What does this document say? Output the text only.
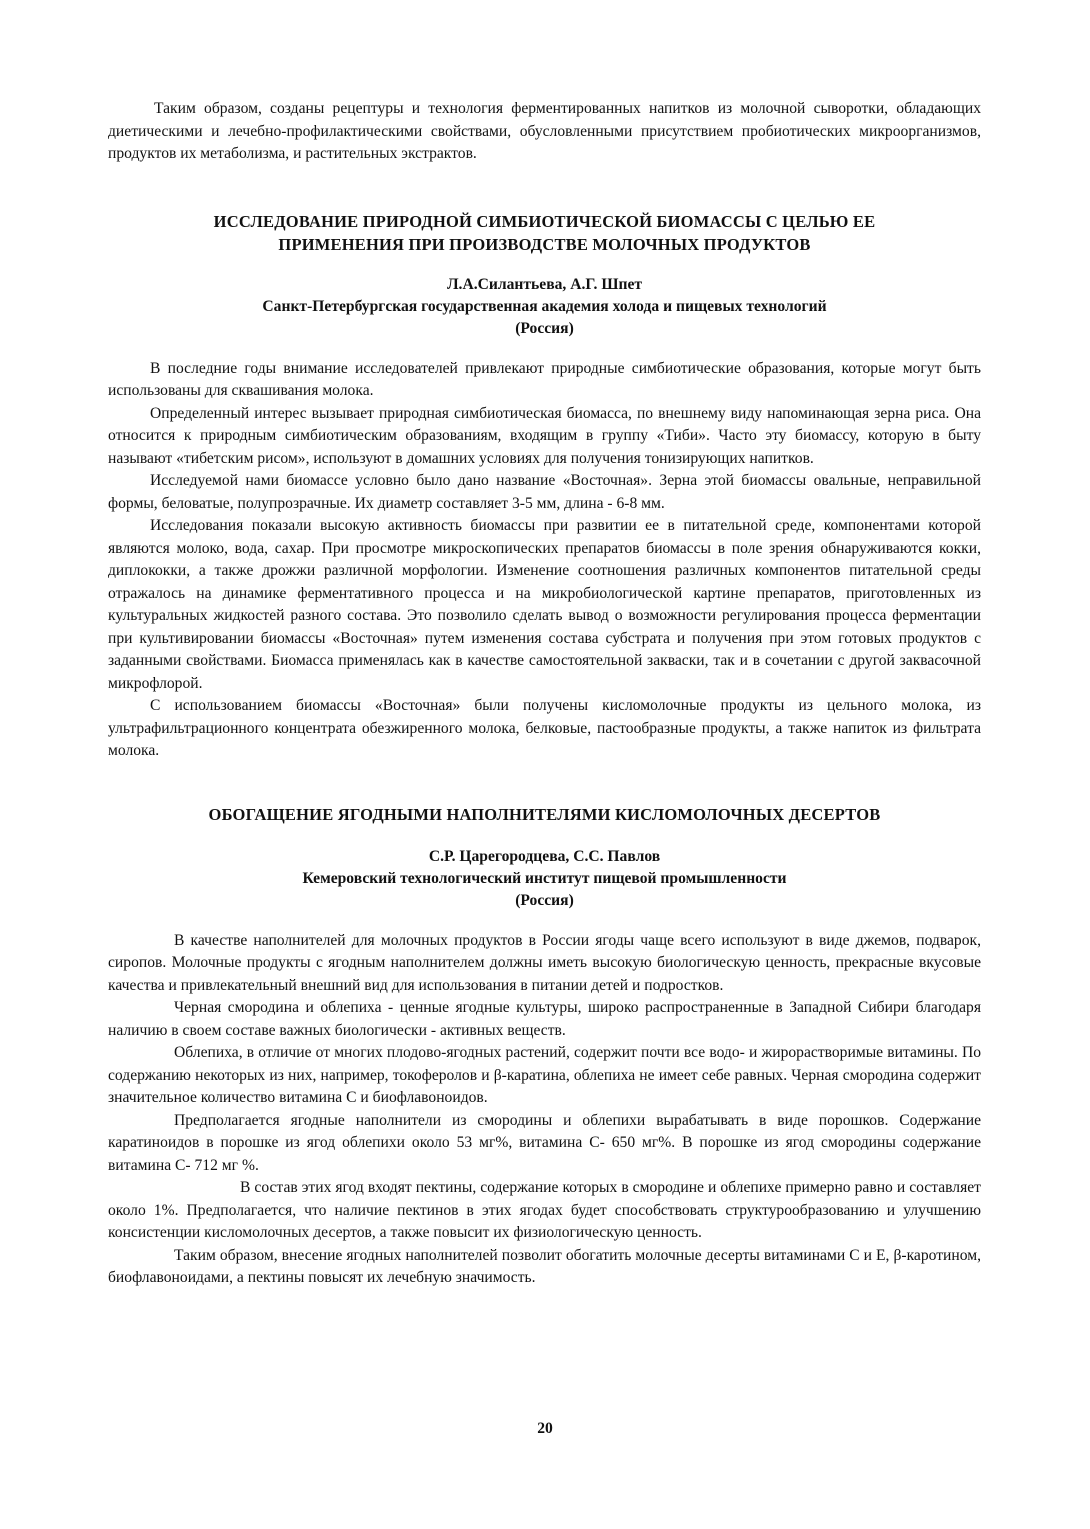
Таким образом, созданы рецептуры и технология ферментированных напитков из молочной сыворотки, обладающих диетическими и лечебно-профилактическими свойствами, обусловленными присутствием пробиотических микроорганизмов, продуктов их метаболизма, и растительных экстрактов.

ИССЛЕДОВАНИЕ ПРИРОДНОЙ СИМБИОТИЧЕСКОЙ БИОМАССЫ С ЦЕЛЬЮ ЕЕ
ПРИМЕНЕНИЯ ПРИ ПРОИЗВОДСТВЕ МОЛОЧНЫХ ПРОДУКТОВ
Л.А.Силантьева, А.Г. Шпет
Санкт-Петербургская государственная академия холода и пищевых технологий
(Россия)

В последние годы внимание исследователей привлекают природные симбиотические образования, которые могут быть использованы для сквашивания молока.

Определенный интерес вызывает природная симбиотическая биомасса, по внешнему виду напоминающая зерна риса. Она относится к природным симбиотическим образованиям, входящим в группу «Тиби». Часто эту биомассу, которую в быту называют «тибетским рисом», используют в домашних условиях для получения тонизирующих напитков.

Исследуемой нами биомассе условно было дано название «Восточная». Зерна этой биомассы овальные, неправильной формы, беловатые, полупрозрачные. Их диаметр составляет 3-5 мм, длина - 6-8 мм.

Исследования показали высокую активность биомассы при развитии ее в питательной среде, компонентами которой являются молоко, вода, сахар. При просмотре микроскопических препаратов биомассы в поле зрения обнаруживаются кокки, диплококки, а также дрожжи различной морфологии. Изменение соотношения различных компонентов питательной среды отражалось на динамике ферментативного процесса и на микробиологической картине препаратов, приготовленных из культуральных жидкостей разного состава. Это позволило сделать вывод о возможности регулирования процесса ферментации при культивировании биомассы «Восточная» путем изменения состава субстрата и получения при этом готовых продуктов с заданными свойствами. Биомасса применялась как в качестве самостоятельной закваски, так и в сочетании с другой заквасочной микрофлорой.

С использованием биомассы «Восточная» были получены кисломолочные продукты из цельного молока, из ультрафильтрационного концентрата обезжиренного молока, белковые, пастообразные продукты, а также напиток из фильтрата молока.

ОБОГАЩЕНИЕ ЯГОДНЫМИ НАПОЛНИТЕЛЯМИ КИСЛОМОЛОЧНЫХ ДЕСЕРТОВ
С.Р. Царегородцева, С.С. Павлов
Кемеровский технологический институт пищевой промышленности
(Россия)

В качестве наполнителей для молочных продуктов в России ягоды чаще всего используют в виде джемов, подварок, сиропов. Молочные продукты с ягодным наполнителем должны иметь высокую биологическую ценность, прекрасные вкусовые качества и привлекательный внешний вид для использования в питании детей и подростков.

Черная смородина и облепиха - ценные ягодные культуры, широко распространенные в Западной Сибири благодаря наличию в своем составе важных биологически - активных веществ.

Облепиха, в отличие от многих плодово-ягодных растений, содержит почти все водо- и жирорастворимые витамины. По содержанию некоторых из них, например, токоферолов и β-каратина, облепиха не имеет себе равных. Черная смородина содержит значительное количество витамина С и биофлавоноидов.

Предполагается ягодные наполнители из смородины и облепихи вырабатывать в виде порошков. Содержание каратиноидов в порошке из ягод облепихи около 53 мг%, витамина С- 650 мг%. В порошке из ягод смородины содержание витамина С- 712 мг %.

В состав этих ягод входят пектины, содержание которых в смородине и облепихе примерно равно и составляет около 1%. Предполагается, что наличие пектинов в этих ягодах будет способствовать структурообразованию и улучшению консистенции кисломолочных десертов, а также повысит их физиологическую ценность.

Таким образом, внесение ягодных наполнителей позволит обогатить молочные десерты витаминами С и Е, β-каротином, биофлавоноидами, а пектины повысят их лечебную значимость.

20
